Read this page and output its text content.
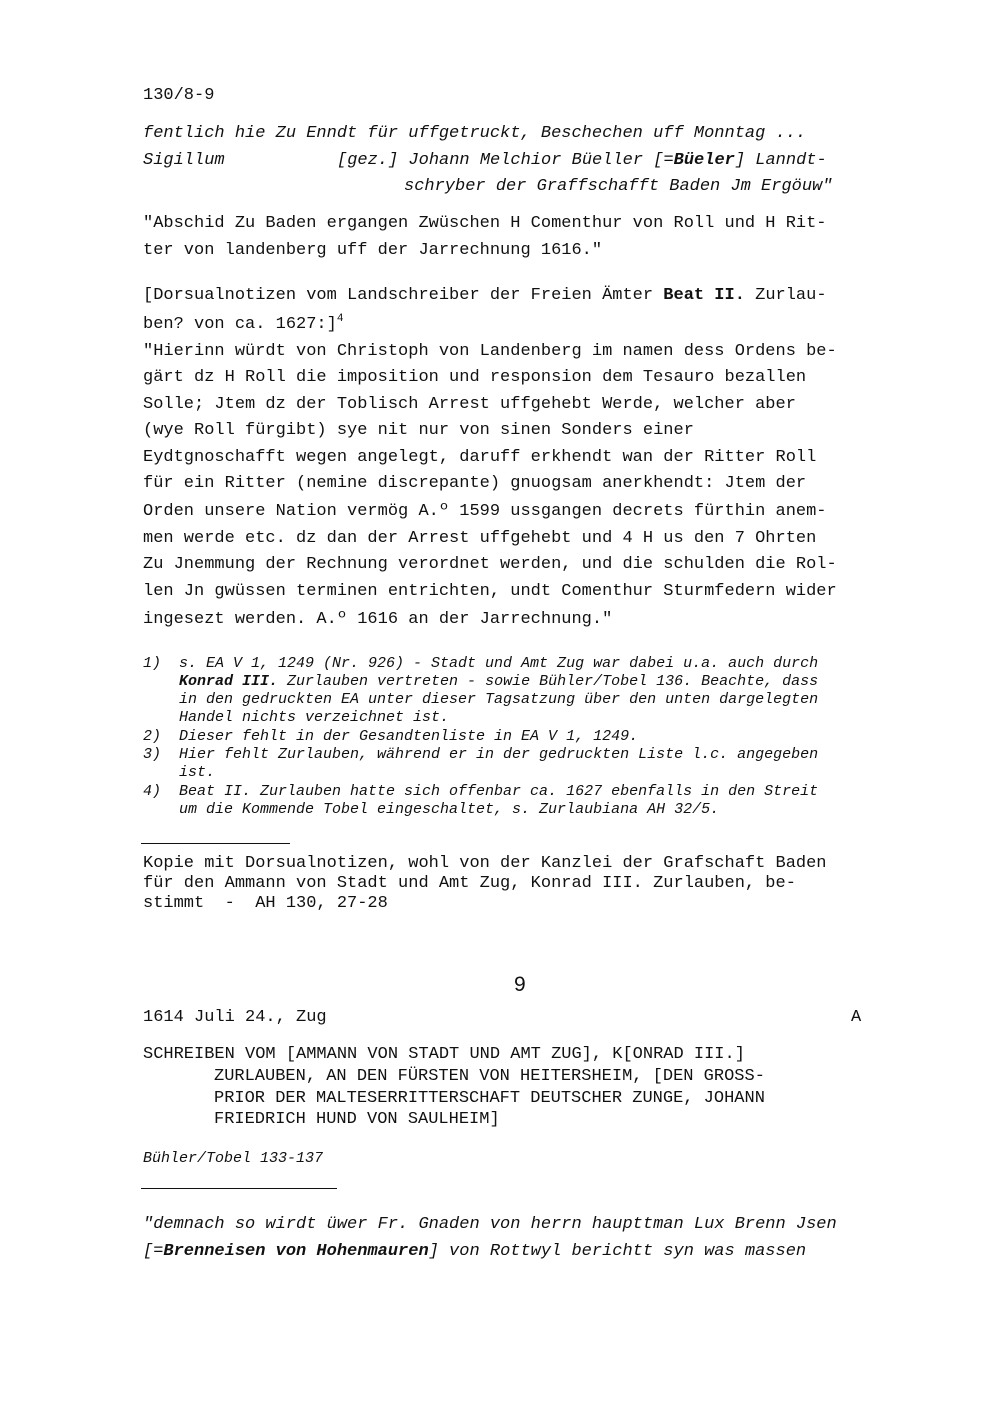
130/8-9
fentlich hie Zu Enndt für uffgetruckt, Beschechen uff Monntag ...
Sigillum	[gez.] Johann Melchior Büeller [=Büeler] Lanndt-
schryber der Graffschafft Baden Jm Ergöuw"
"Abschid Zu Baden ergangen Zwüschen H Comenthur von Roll und H Rit-
ter von landenberg uff der Jarrechnung 1616."
[Dorsualnotizen vom Landschreiber der Freien Ämter Beat II. Zurlau-
ben? von ca. 1627:]$^4$
"Hierinn würdt von Christoph von Landenberg im namen dess Ordens be-
gärt dz H Roll die imposition und responsion dem Tesauro bezallen
Solle; Jtem dz der Toblisch Arrest uffgehebt Werde, welcher aber
(wye Roll fürgibt) sye nit nur von sinen Sonders einer
Eydtgnoschafft wegen angelegt, daruff erkhendt wan der Ritter Roll
für ein Ritter (nemine discrepante) gnuogsam anerkhendt: Jtem der
Orden unsere Nation vermög A.º 1599 ussgangen decrets fürthin anem-
men werde etc. dz dan der Arrest uffgehebt und 4 H us den 7 Ohrten
Zu Jnemmung der Rechnung verordnet werden, und die schulden die Rol-
len Jn gwüssen terminen entrichten, undt Comenthur Sturmfedern wider
ingesezt werden. A.º 1616 an der Jarrechnung."
1) s. EA V 1, 1249 (Nr. 926) - Stadt und Amt Zug war dabei u.a. auch durch
Konrad III. Zurlauben vertreten - sowie Bühler/Tobel 136. Beachte, dass
in den gedruckten EA unter dieser Tagsatzung über den unten dargelegten
Handel nichts verzeichnet ist.
2) Dieser fehlt in der Gesandtenliste in EA V 1, 1249.
3) Hier fehlt Zurlauben, während er in der gedruckten Liste l.c. angegeben
ist.
4) Beat II. Zurlauben hatte sich offenbar ca. 1627 ebenfalls in den Streit
um die Kommende Tobel eingeschaltet, s. Zurlaubiana AH 32/5.
Kopie mit Dorsualnotizen, wohl von der Kanzlei der Grafschaft Baden
für den Ammann von Stadt und Amt Zug, Konrad III. Zurlauben, be-
stimmt  -  AH 130, 27-28
9
1614 Juli 24., Zug	A
SCHREIBEN VOM [AMMANN VON STADT UND AMT ZUG], K[ONRAD III.]
ZURLAUBEN, AN DEN FÜRSTEN VON HEITERSHEIM, [DEN GROSS-
PRIOR DER MALTESERRITTERSCHAFT DEUTSCHER ZUNGE, JOHANN
FRIEDRICH HUND VON SAULHEIM]
Bühler/Tobel 133-137
"demnach so wirdt üwer Fr. Gnaden von herrn haupttman Lux Brenn Jsen
[=Brenneisen von Hohenmauren] von Rottwyl berichtt syn was massen
